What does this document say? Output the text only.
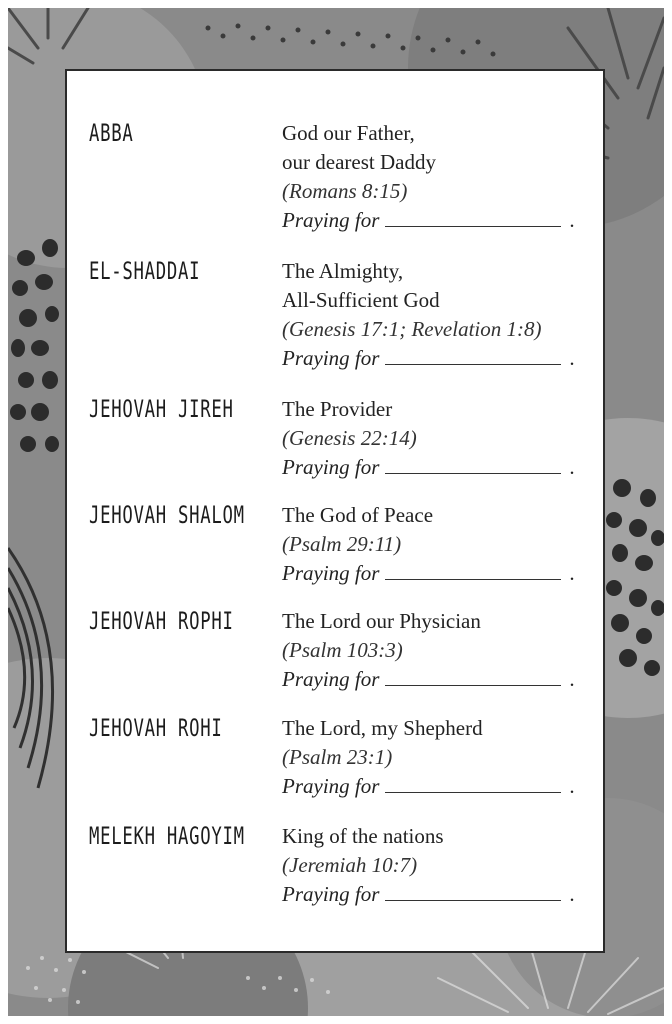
ABBA	God our Father,
our dearest Daddy
(Romans 8:15)
Praying for	.
EL-SHADDAI	The Almighty,
All-Sufficient God
(Genesis 17:1; Revelation 1:8)
Praying for	.
JEHOVAH JIREH The Provider
(Genesis 22:14)
Praying for	.
JEHOVAH SHALOM The God of Peace
(Psalm 29:11)
Praying for	.
JEHOVAH ROPHI The Lord our Physician
(Psalm 103:3)
Praying for	.
JEHOVAH ROHI	The Lord, my Shepherd
(Psalm 23:1)
Praying for	.
MELEKH HAGOYIM King of the nations
(Jeremiah 10:7)
Praying for	.
